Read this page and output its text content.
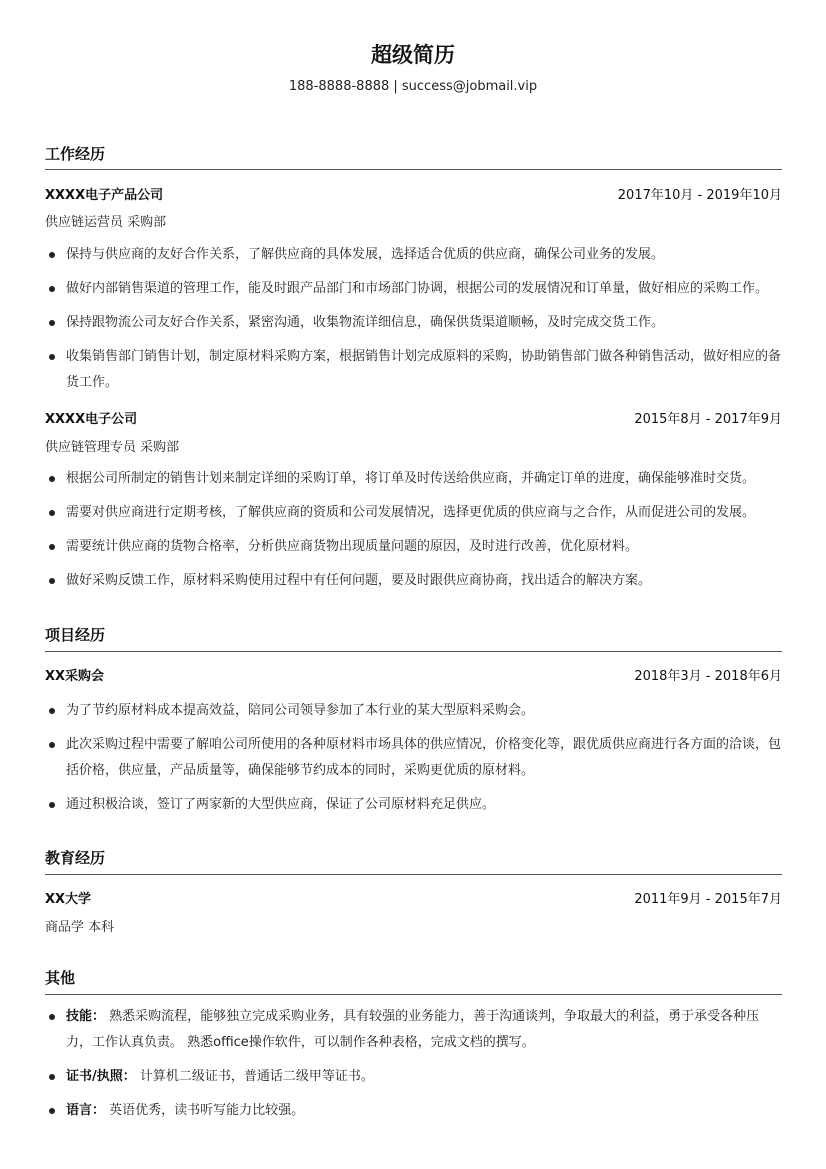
超级简历
188-8888-8888 | success@jobmail.vip
工作经历
XXXX电子产品公司	2017年10月 - 2019年10月
供应链运营员 采购部
保持与供应商的友好合作关系，了解供应商的具体发展，选择适合优质的供应商，确保公司业务的发展。
做好内部销售渠道的管理工作，能及时跟产品部门和市场部门协调，根据公司的发展情况和订单量，做好相应的采购工作。
保持跟物流公司友好合作关系，紧密沟通，收集物流详细信息，确保供货渠道顺畅，及时完成交货工作。
收集销售部门销售计划，制定原材料采购方案，根据销售计划完成原料的采购，协助销售部门做各种销售活动，做好相应的备货工作。
XXXX电子公司	2015年8月 - 2017年9月
供应链管理专员 采购部
根据公司所制定的销售计划来制定详细的采购订单，将订单及时传送给供应商，并确定订单的进度，确保能够准时交货。
需要对供应商进行定期考核，了解供应商的资质和公司发展情况，选择更优质的供应商与之合作，从而促进公司的发展。
需要统计供应商的货物合格率，分析供应商货物出现质量问题的原因，及时进行改善，优化原材料。
做好采购反馈工作，原材料采购使用过程中有任何问题，要及时跟供应商协商，找出适合的解决方案。
项目经历
XX采购会	2018年3月 - 2018年6月
为了节约原材料成本提高效益，陪同公司领导参加了本行业的某大型原料采购会。
此次采购过程中需要了解咱公司所使用的各种原材料市场具体的供应情况，价格变化等，跟优质供应商进行各方面的洽谈，包括价格，供应量，产品质量等，确保能够节约成本的同时，采购更优质的原材料。
通过积极洽谈，签订了两家新的大型供应商，保证了公司原材料充足供应。
教育经历
XX大学	2011年9月 - 2015年7月
商品学 本科
其他
技能： 熟悉采购流程，能够独立完成采购业务，具有较强的业务能力，善于沟通谈判，争取最大的利益，勇于承受各种压力，工作认真负责。 熟悉office操作软件，可以制作各种表格，完成文档的撰写。
证书/执照： 计算机二级证书，普通话二级甲等证书。
语言： 英语优秀，读书听写能力比较强。
